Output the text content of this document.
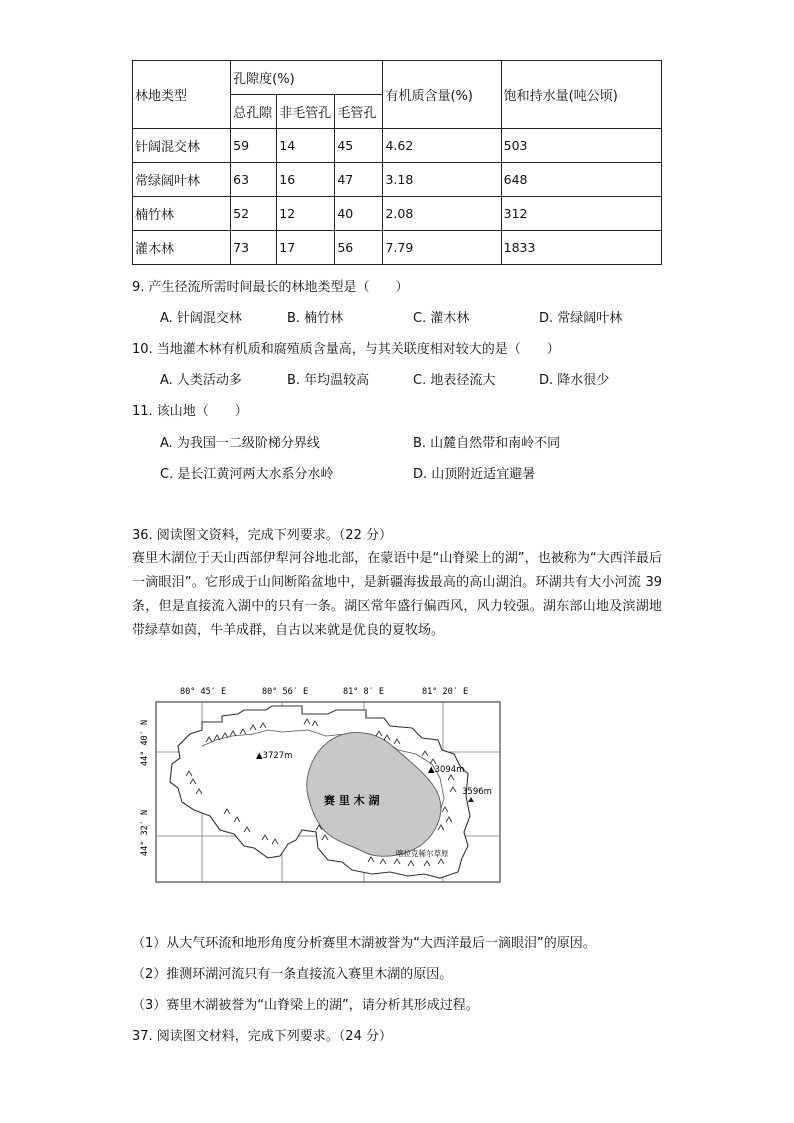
林地类型	孔隙度(%)			有机质含量(%)	饱和持水量(吨公顷)
	总孔隙	非毛管孔	毛管孔		
针阔混交林	59	14	45	4.62	503
常绿阔叶林	63	16	47	3.18	648
楠竹林	52	12	40	2.08	312
灌木林	73	17	56	7.79	1833
9. 产生径流所需时间最长的林地类型是（　　）
A. 针阔混交林	B. 楠竹林	C. 灌木林	D. 常绿阔叶林
10. 当地灌木林有机质和腐殖质含量高，与其关联度相对较大的是（　　）
A. 人类活动多	B. 年均温较高	C. 地表径流大	D. 降水很少
11. 该山地（　　）
A. 为我国一二级阶梯分界线	B. 山麓自然带和南岭不同
C. 是长江黄河两大水系分水岭	D. 山顶附近适宜避暑
36. 阅读图文资料，完成下列要求。（22 分）

赛里木湖位于天山西部伊犁河谷地北部，在蒙语中是“山脊梁上的湖”，也被称为“大西洋最后一滴眼泪”。它形成于山间断陷盆地中，是新疆海拔最高的高山湖泊。环湖共有大小河流 39 条，但是直接流入湖中的只有一条。湖区常年盛行偏西风，风力较强。湖东部山地及滨湖地带绿草如茵，牛羊成群，自古以来就是优良的夏牧场。

80° 45′ E	80° 56′ E	81° 8′ E	81° 20′ E
44° 40′ N
44° 32′ N
▲3727m
▲3094m
3596m
赛 里 木 湖
喀拉克稀尔草原
（1）从大气环流和地形角度分析赛里木湖被誉为“大西洋最后一滴眼泪”的原因。
（2）推测环湖河流只有一条直接流入赛里木湖的原因。
（3）赛里木湖被誉为“山脊梁上的湖”，请分析其形成过程。
37. 阅读图文材料，完成下列要求。（24 分）
